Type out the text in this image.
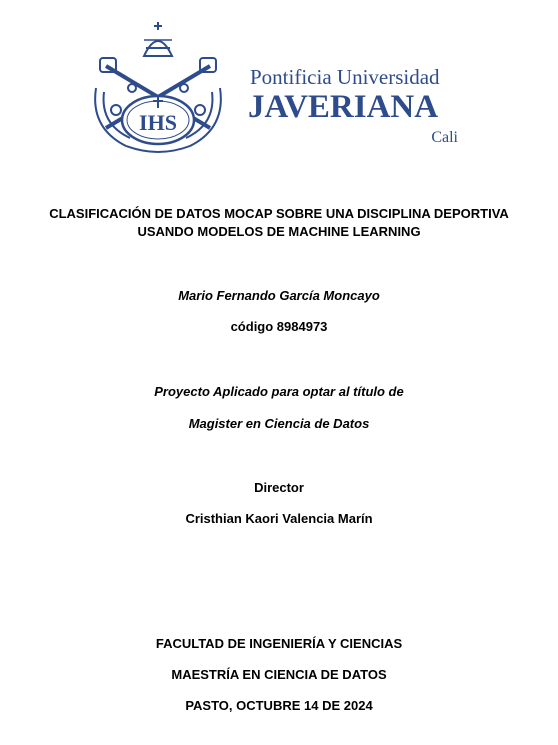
IHS
Pontificia Universidad
JAVERIANA
Cali
CLASIFICACIÓN DE DATOS MOCAP SOBRE UNA DISCIPLINA DEPORTIVA
USANDO MODELOS DE MACHINE LEARNING
Mario Fernando García Moncayo
código 8984973
Proyecto Aplicado para optar al título de
Magister en Ciencia de Datos
Director
Cristhian Kaori Valencia Marín
FACULTAD DE INGENIERÍA Y CIENCIAS
MAESTRÍA EN CIENCIA DE DATOS
PASTO, OCTUBRE 14 DE 2024
